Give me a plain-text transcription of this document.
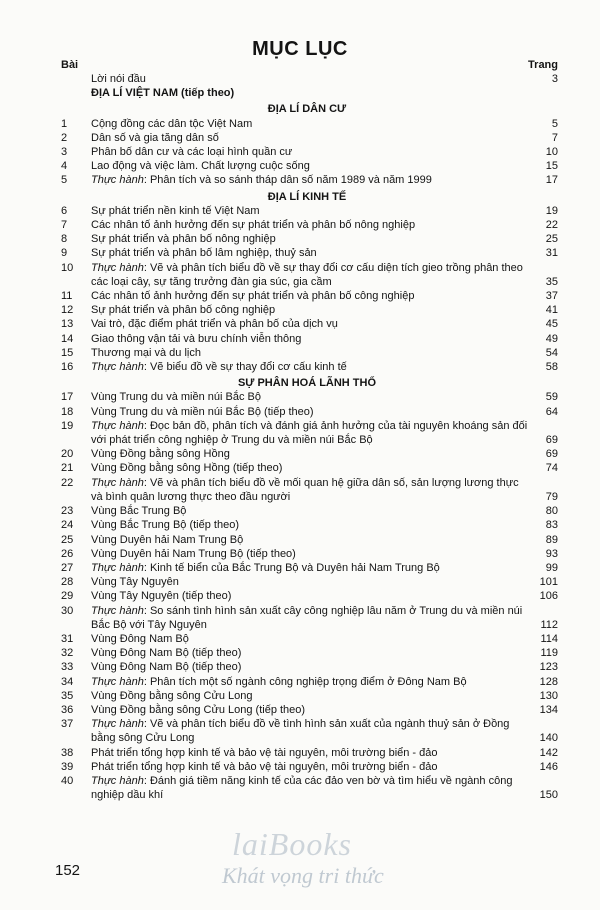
MỤC LỤC
Bài	Trang
Lời nói đầu	3
ĐỊA LÍ VIỆT NAM (tiếp theo)
ĐỊA LÍ DÂN CƯ
1 Cộng đồng các dân tộc Việt Nam	5
2 Dân số và gia tăng dân số	7
3 Phân bố dân cư và các loại hình quần cư	10
4 Lao động và việc làm. Chất lượng cuộc sống	15
5 Thực hành: Phân tích và so sánh tháp dân số năm 1989 và năm 1999	17
ĐỊA LÍ KINH TẾ
6 Sự phát triển nền kinh tế Việt Nam	19
7 Các nhân tố ảnh hưởng đến sự phát triển và phân bố nông nghiệp	22
8 Sự phát triển và phân bố nông nghiệp	25
9 Sự phát triển và phân bố lâm nghiệp, thuỷ sản	31
10 Thực hành: Vẽ và phân tích biểu đồ về sự thay đổi cơ cấu diện tích gieo trồng phân theo các loại cây, sự tăng trưởng đàn gia súc, gia cầm	35
11 Các nhân tố ảnh hưởng đến sự phát triển và phân bố công nghiệp	37
12 Sự phát triển và phân bố công nghiệp	41
13 Vai trò, đặc điểm phát triển và phân bố của dịch vụ	45
14 Giao thông vận tải và bưu chính viễn thông	49
15 Thương mại và du lịch	54
16 Thực hành: Vẽ biểu đồ về sự thay đổi cơ cấu kinh tế	58
SỰ PHÂN HOÁ LÃNH THỔ
17 Vùng Trung du và miền núi Bắc Bộ	59
18 Vùng Trung du và miền núi Bắc Bộ (tiếp theo)	64
19 Thực hành: Đọc bản đồ, phân tích và đánh giá ảnh hưởng của tài nguyên khoáng sản đối với phát triển công nghiệp ở Trung du và miền núi Bắc Bộ	69
20 Vùng Đồng bằng sông Hồng	69
21 Vùng Đồng bằng sông Hồng (tiếp theo)	74
22 Thực hành: Vẽ và phân tích biểu đồ về mối quan hệ giữa dân số, sản lượng lương thực và bình quân lương thực theo đầu người	79
23 Vùng Bắc Trung Bộ	80
24 Vùng Bắc Trung Bộ (tiếp theo)	83
25 Vùng Duyên hải Nam Trung Bộ	89
26 Vùng Duyên hải Nam Trung Bộ (tiếp theo)	93
27 Thực hành: Kinh tế biển của Bắc Trung Bộ và Duyên hải Nam Trung Bộ	99
28 Vùng Tây Nguyên	101
29 Vùng Tây Nguyên (tiếp theo)	106
30 Thực hành: So sánh tình hình sản xuất cây công nghiệp lâu năm ở Trung du và miền núi Bắc Bộ với Tây Nguyên	112
31 Vùng Đông Nam Bộ	114
32 Vùng Đông Nam Bộ (tiếp theo)	119
33 Vùng Đông Nam Bộ (tiếp theo)	123
34 Thực hành: Phân tích một số ngành công nghiệp trọng điểm ở Đông Nam Bộ	128
35 Vùng Đồng bằng sông Cửu Long	130
36 Vùng Đồng bằng sông Cửu Long (tiếp theo)	134
37 Thực hành: Vẽ và phân tích biểu đồ về tình hình sản xuất của ngành thuỷ sản ở Đồng bằng sông Cửu Long	140
38 Phát triển tổng hợp kinh tế và bảo vệ tài nguyên, môi trường biển - đảo	142
39 Phát triển tổng hợp kinh tế và bảo vệ tài nguyên, môi trường biển - đảo	146
40 Thực hành: Đánh giá tiềm năng kinh tế của các đảo ven bờ và tìm hiểu về ngành công nghiệp dầu khí	150
152
laiBooks
Khát vọng tri thức
